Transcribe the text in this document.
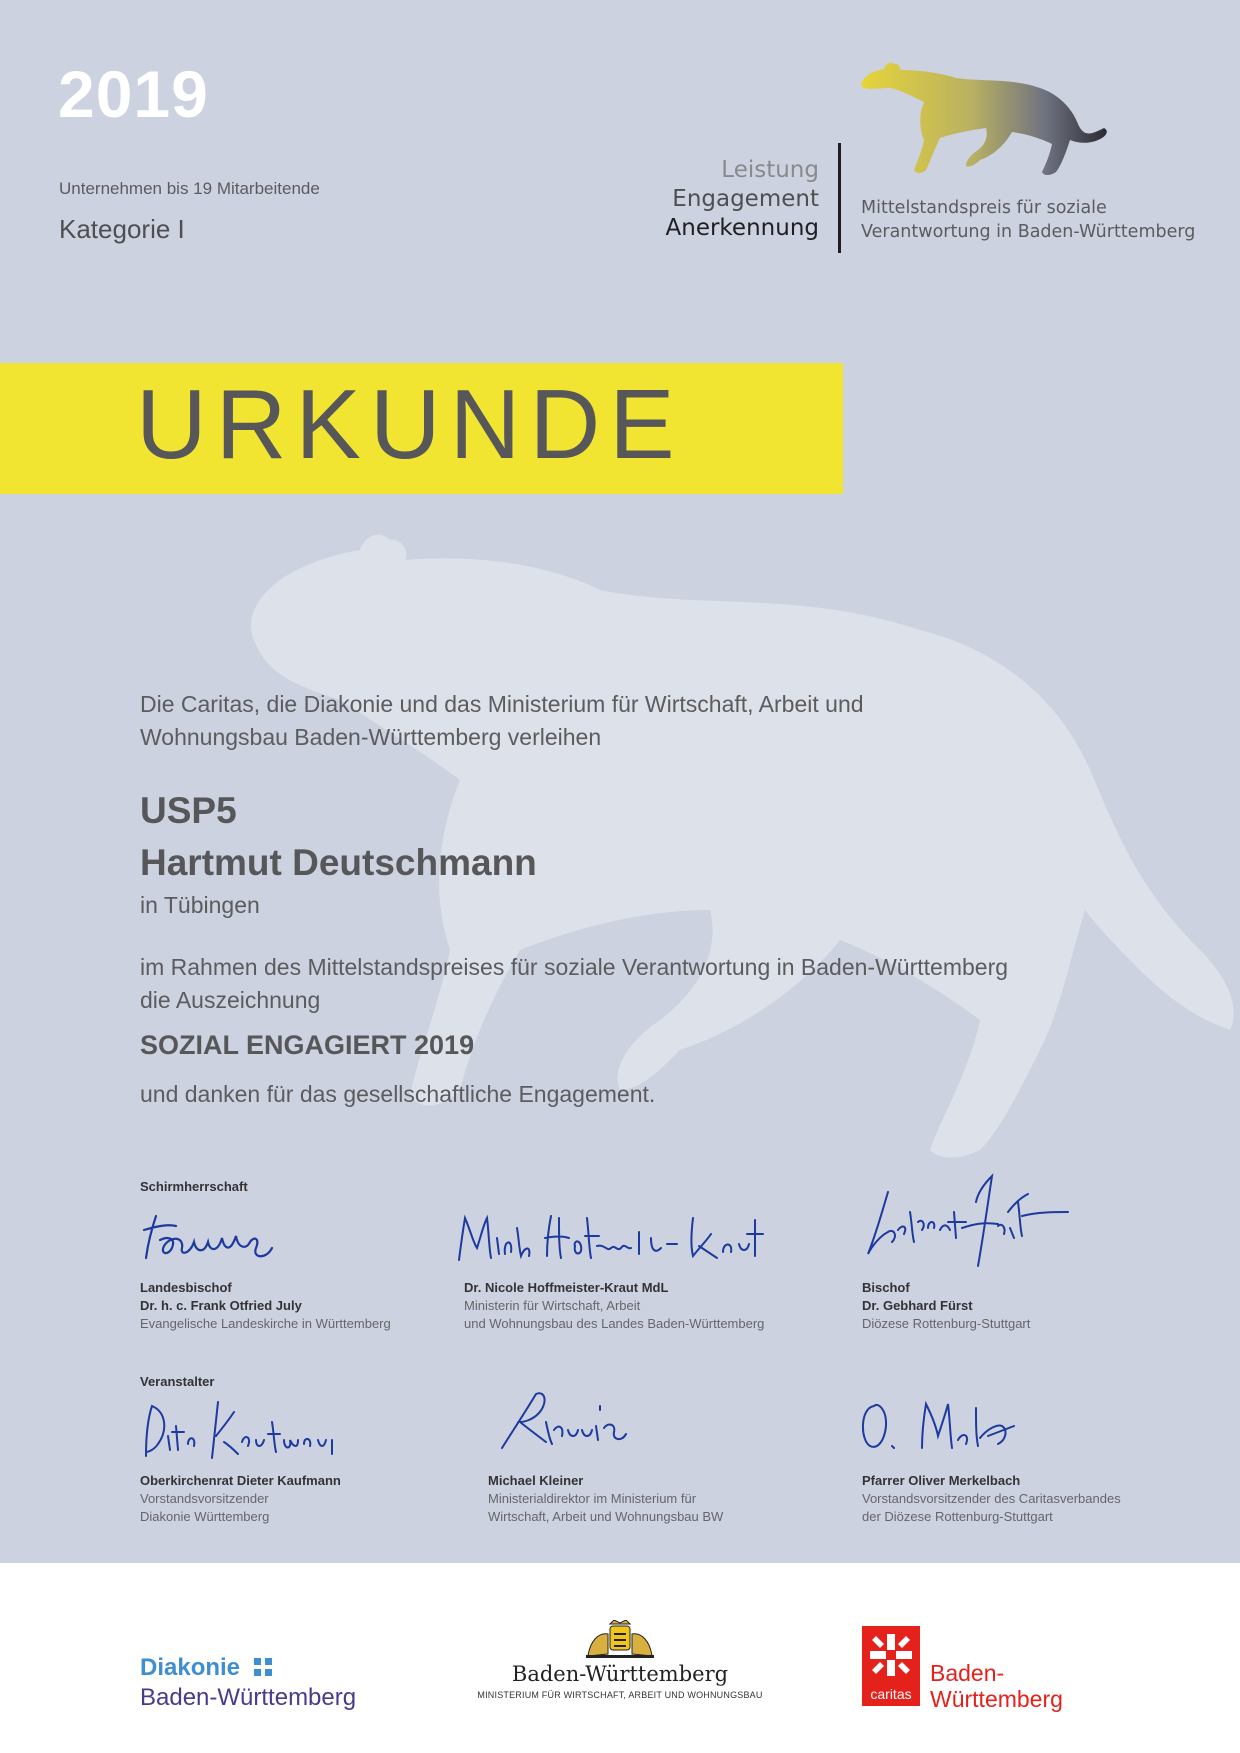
2019
Unternehmen bis 19 Mitarbeitende
Kategorie I
Leistung
Engagement
Anerkennung
Mittelstandspreis für soziale
Verantwortung in Baden-Württemberg
URKUNDE
Die Caritas, die Diakonie und das Ministerium für Wirtschaft, Arbeit und
Wohnungsbau Baden-Württemberg verleihen
USP5
Hartmut Deutschmann
in Tübingen
im Rahmen des Mittelstandspreises für soziale Verantwortung in Baden-Württemberg
die Auszeichnung
SOZIAL ENGAGIERT 2019
und danken für das gesellschaftliche Engagement.
Schirmherrschaft
Landesbischof
Dr. h. c. Frank Otfried July
Evangelische Landeskirche in Württemberg
Dr. Nicole Hoffmeister-Kraut MdL
Ministerin für Wirtschaft, Arbeit
und Wohnungsbau des Landes Baden-Württemberg
Bischof
Dr. Gebhard Fürst
Diözese Rottenburg-Stuttgart
Veranstalter
Oberkirchenrat Dieter Kaufmann
Vorstandsvorsitzender
Diakonie Württemberg
Michael Kleiner
Ministerialdirektor im Ministerium für
Wirtschaft, Arbeit und Wohnungsbau BW
Pfarrer Oliver Merkelbach
Vorstandsvorsitzender des Caritasverbandes
der Diözese Rottenburg-Stuttgart
Diakonie
Baden-Württemberg
Baden-Württemberg
MINISTERIUM FÜR WIRTSCHAFT, ARBEIT UND WOHNUNGSBAU	caritas
Baden-
Württemberg
